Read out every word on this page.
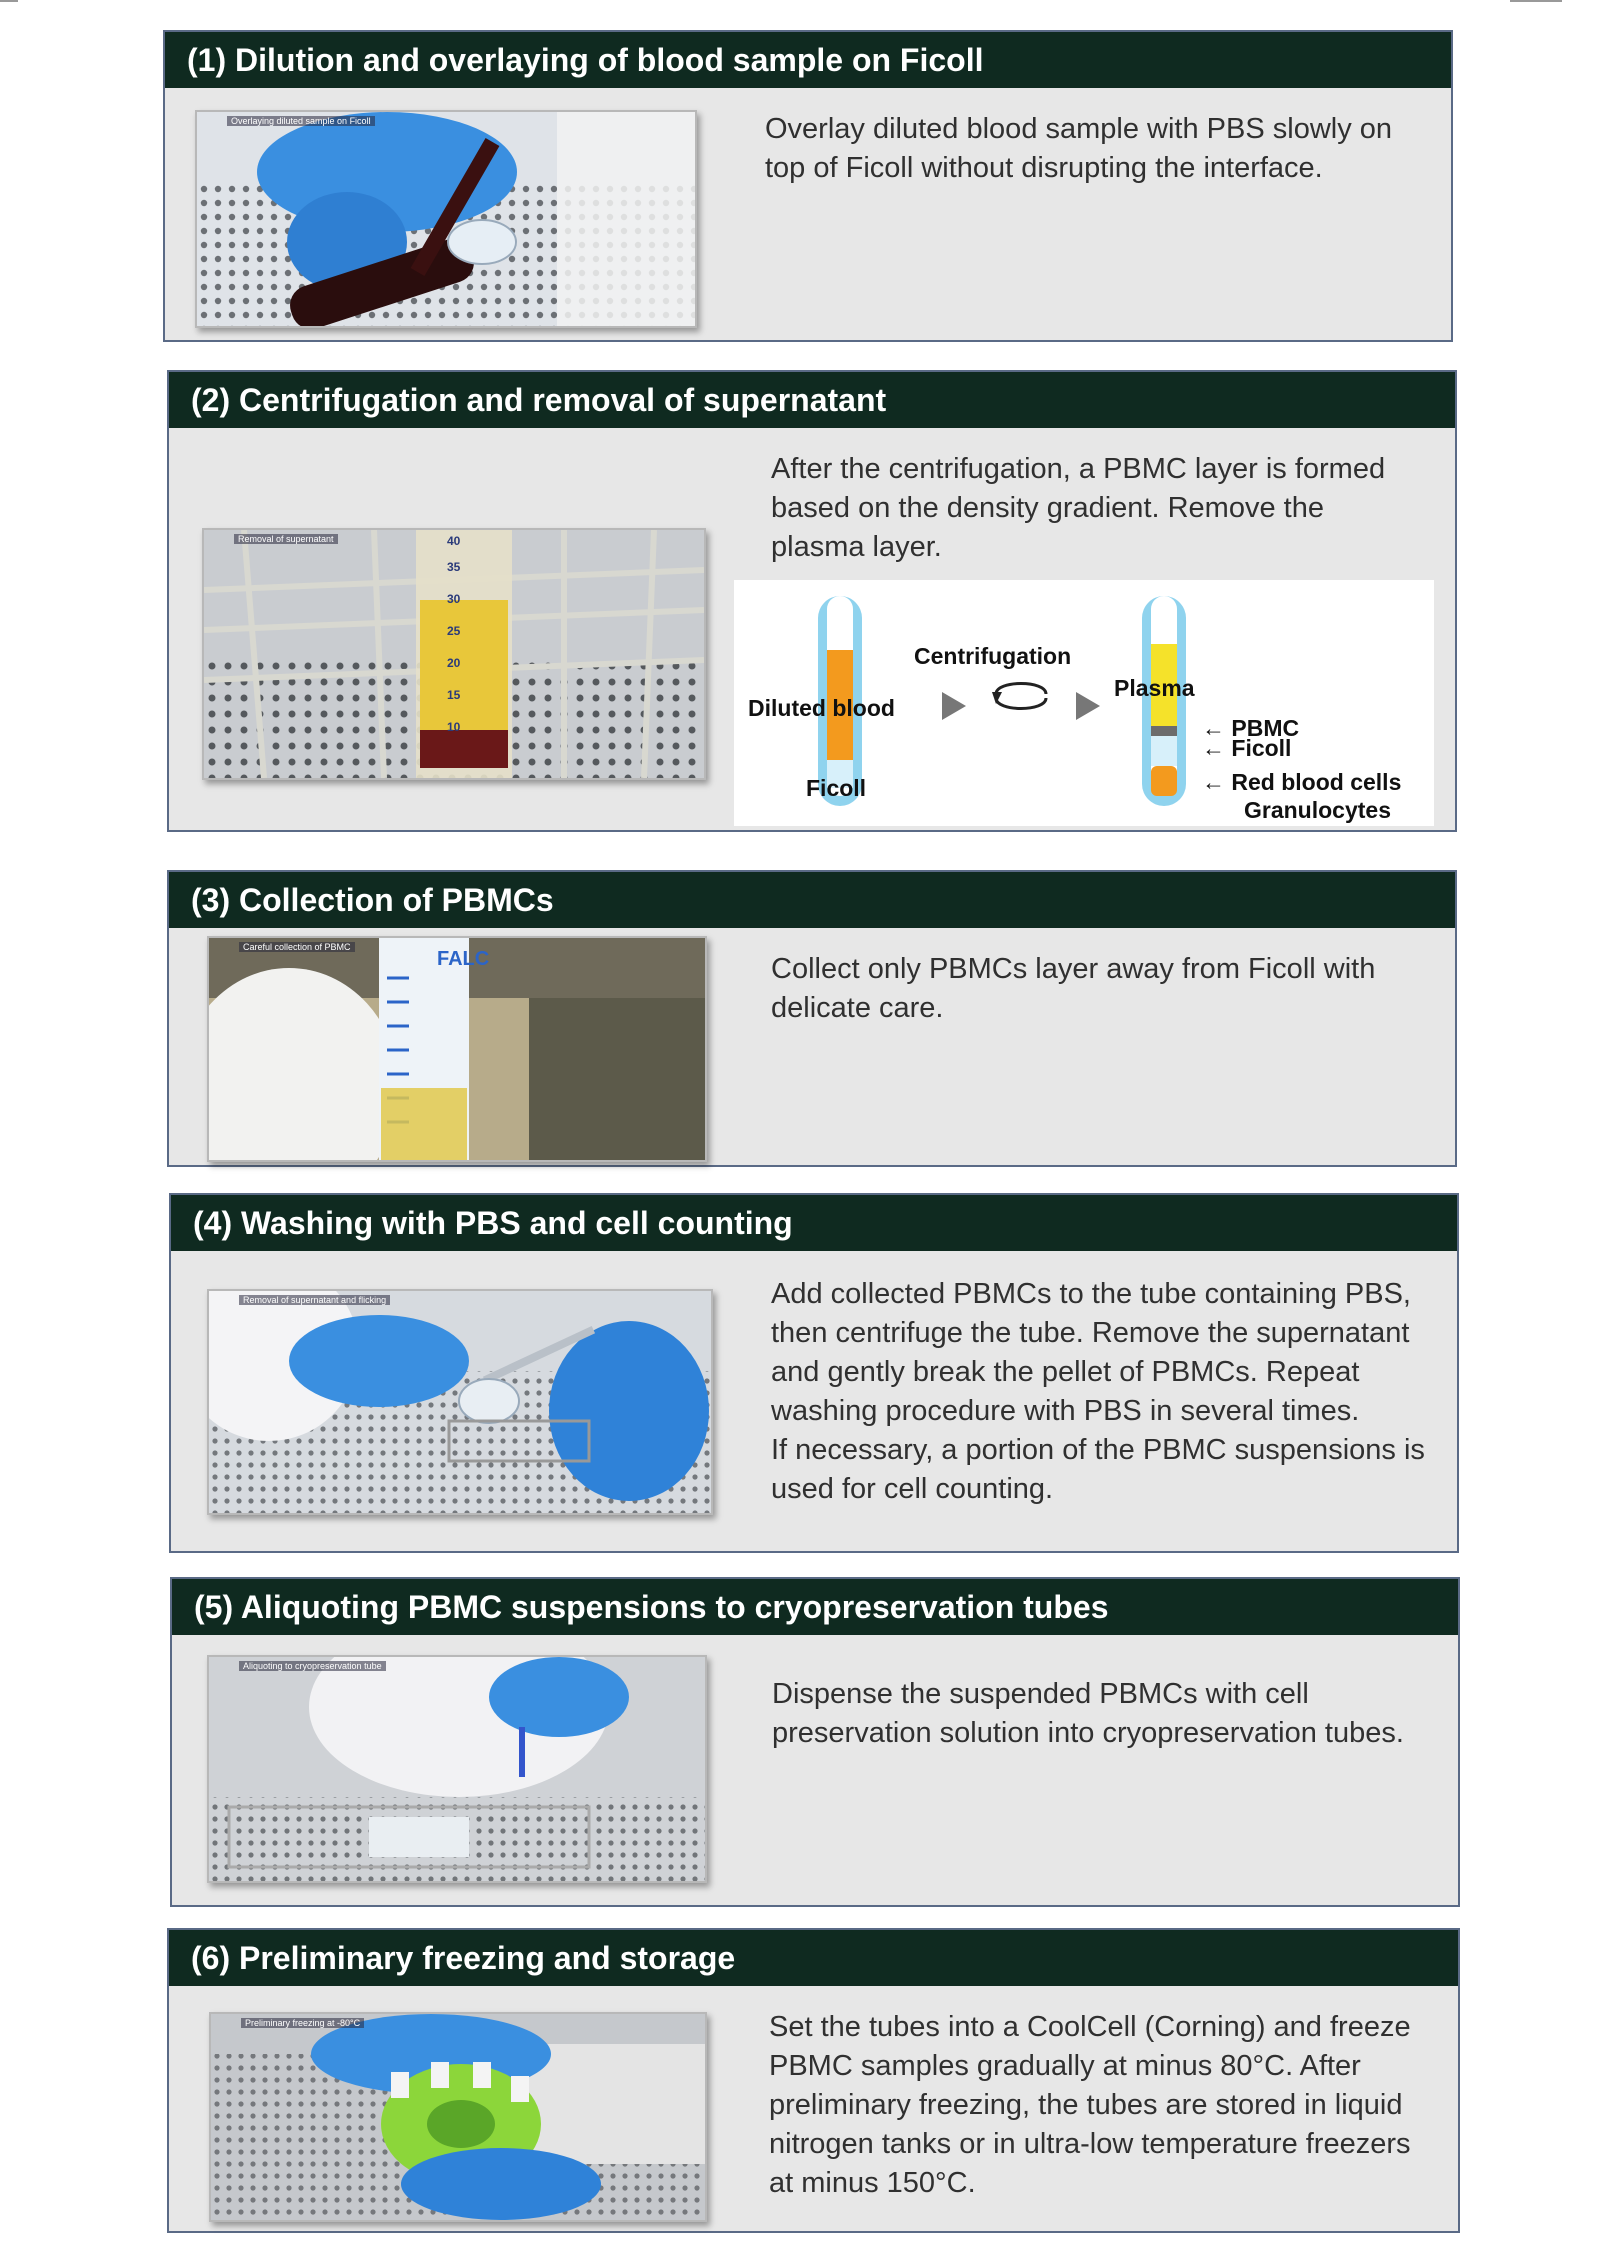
(1) Dilution and overlaying of blood sample on Ficoll
Overlaying diluted sample on Ficoll	Overlay diluted blood sample with PBS slowly on top of Ficoll without disrupting the interface.

(2) Centrifugation and removal of supernatant
Removal of supernatant	40
35
30
25
20
15
10

After the centrifugation, a PBMC layer is formed based on the density gradient. Remove the plasma layer.

Diluted blood
Ficoll
Centrifugation
Plasma
← PBMC
← Ficoll
← Red blood cells
Granulocytes
(3) Collection of PBMCs
Careful collection of PBMC
FALC	Collect only PBMCs layer away from Ficoll with delicate care.

(4) Washing with PBS and cell counting
Removal of supernatant and flicking	Add collected PBMCs to the tube containing PBS, then centrifuge the tube. Remove the supernatant and gently break the pellet of PBMCs. Repeat washing procedure with PBS in several times.

If necessary, a portion of the PBMC suspensions is used for cell counting.

(5) Aliquoting PBMC suspensions to cryopreservation tubes
Aliquoting to cryopreservation tube

Dispense the suspended PBMCs with cell preservation solution into cryopreservation tubes.

(6) Preliminary freezing and storage
Preliminary freezing at -80°C	Set the tubes into a CoolCell (Corning) and freeze PBMC samples gradually at minus 80°C. After preliminary freezing, the tubes are stored in liquid nitrogen tanks or in ultra-low temperature freezers at minus 150°C.
